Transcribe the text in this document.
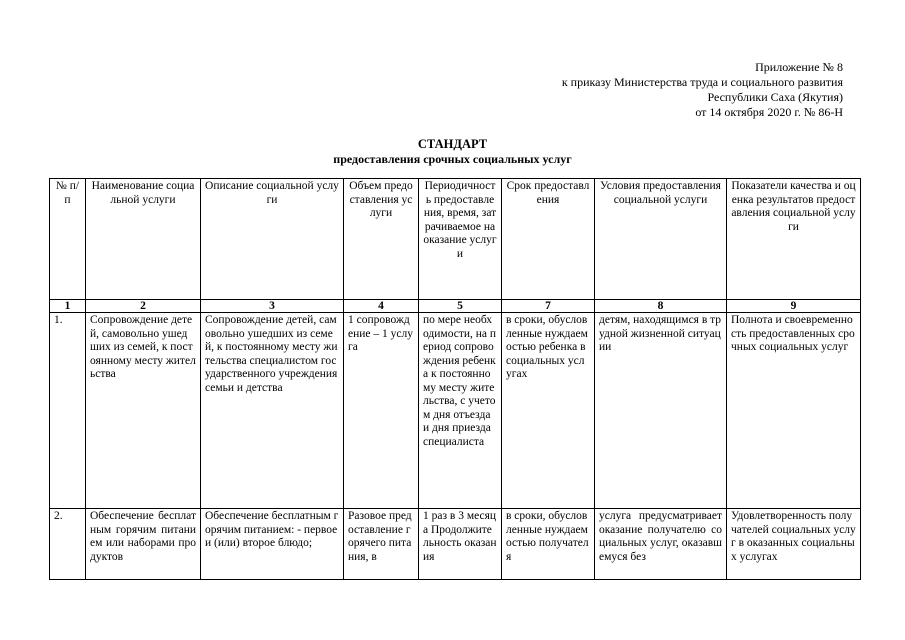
Приложение № 8
к приказу Министерства труда и социального развития
Республики Саха (Якутия)
от 14 октября 2020 г. № 86-Н
СТАНДАРТ
предоставления срочных социальных услуг
№ п/п	Наименование социальной услуги	Описание социальной услуги	Объем предоставления услуги	Периодичность предоставления, время, затрачиваемое на оказание услуги	Срок предоставления	Условия предоставления социальной услуги	Показатели качества и оценка результатов предоставления социальной услуги
1	2	3	4	5	7	8	9
1.	Сопровождение детей, самовольно ушедших из семей, к постоянному месту жительства	Сопровождение детей, самовольно ушедших из семей, к постоянному месту жительства специалистом государственного учреждения семьи и детства	1 сопровождение – 1 услуга	по мере необходимости, на период сопровождения ребенка к постоянному месту жительства, с учетом дня отъезда и дня приезда специалиста	в сроки, обусловленные нуждаемостью ребенка в социальных услугах	детям, находящимся в трудной жизненной ситуации	Полнота и своевременность предоставленных срочных социальных услуг
2.	Обеспечение бесплатным горячим питанием или наборами продуктов	Обеспечение бесплатным горячим питанием: - первое и (или) второе блюдо;	Разовое предоставление горячего питания, в	1 раз в 3 месяца Продолжительность оказания	в сроки, обусловленные нуждаемостью получателя	услуга предусматривает оказание получателю социальных услуг, оказавшемуся без	Удовлетворенность получателей социальных услуг в оказанных социальных услугах
